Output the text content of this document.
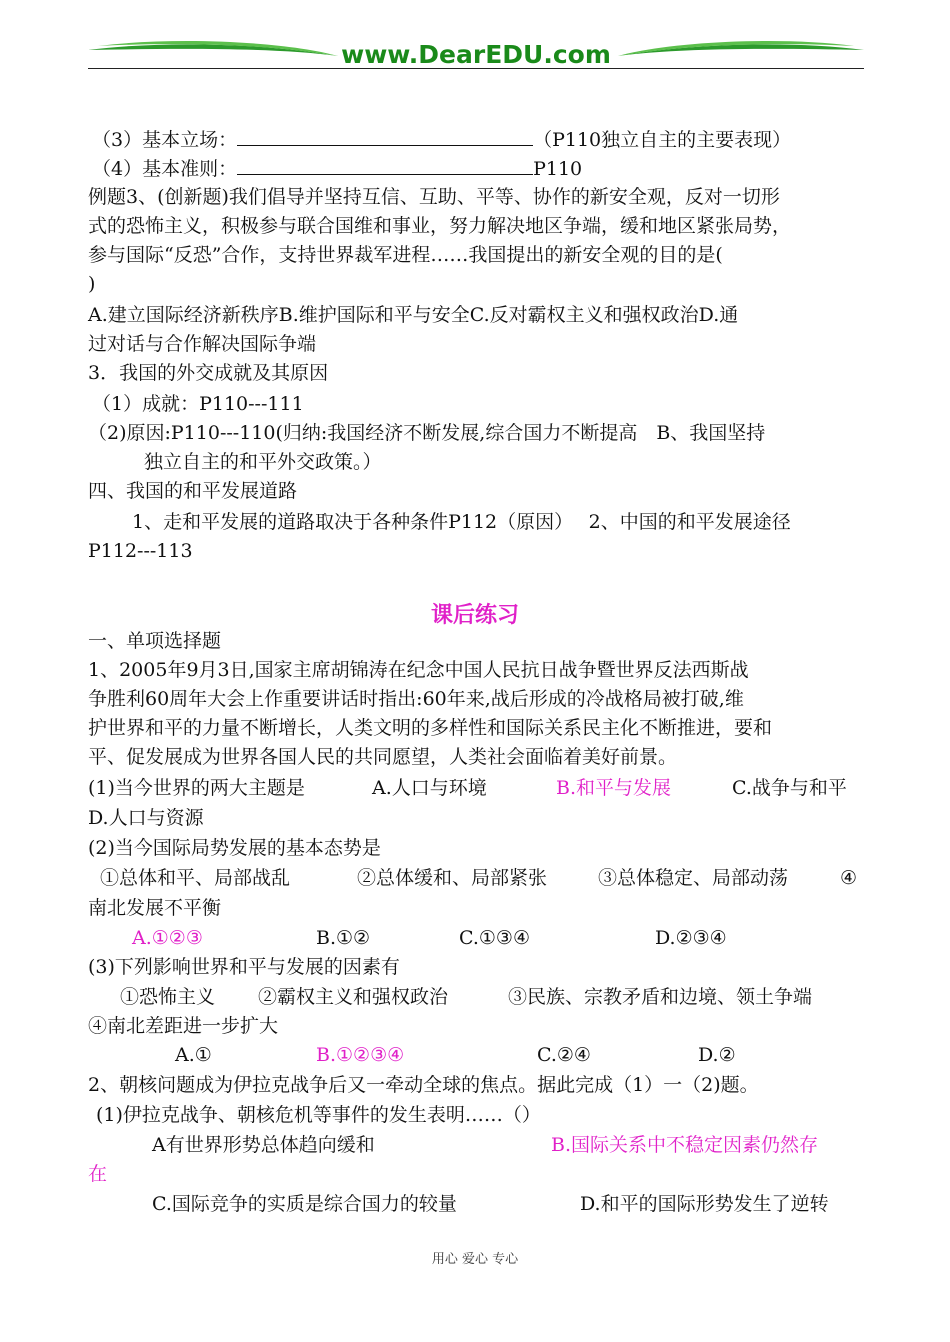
www.DearEDU.com
（3）基本立场：	（P110独立自主的主要表现）
（4）基本准则：	P110
例题3、(创新题)我们倡导并坚持互信、互助、平等、协作的新安全观，反对一切形
式的恐怖主义，积极参与联合国维和事业，努力解决地区争端，缓和地区紧张局势，
参与国际“反恐”合作，支持世界裁军进程……我国提出的新安全观的目的是(
)
A.建立国际经济新秩序B.维护国际和平与安全C.反对霸权主义和强权政治D.通
过对话与合作解决国际争端
3．我国的外交成就及其原因
（1）成就：P110---111
（2)原因:P110---110(归纳:我国经济不断发展,综合国力不断提高　B、我国坚持
独立自主的和平外交政策。）
四、我国的和平发展道路
1、走和平发展的道路取决于各种条件P112（原因）　 2、中国的和平发展途径
P112---113
课后练习
一、单项选择题
1、2005年9月3日,国家主席胡锦涛在纪念中国人民抗日战争暨世界反法西斯战
争胜利60周年大会上作重要讲话时指出:60年来,战后形成的冷战格局被打破,维
护世界和平的力量不断增长，人类文明的多样性和国际关系民主化不断推进，要和
平、促发展成为世界各国人民的共同愿望，人类社会面临着美好前景。
(1)当今世界的两大主题是	A.人口与环境	B.和平与发展	C.战争与和平
D.人口与资源
(2)当今国际局势发展的基本态势是
①总体和平、局部战乱	②总体缓和、局部紧张	③总体稳定、局部动荡	④
南北发展不平衡
A.①②③	B.①②	C.①③④	D.②③④
(3)下列影响世界和平与发展的因素有
①恐怖主义 ②霸权主义和强权政治	③民族、宗教矛盾和边境、领土争端
④南北差距进一步扩大
A.①	B.①②③④	C.②④	D.②
2、朝核问题成为伊拉克战争后又一牵动全球的焦点。据此完成（1）一（2)题。
(1)伊拉克战争、朝核危机等事件的发生表明……（）
A有世界形势总体趋向缓和	B.国际关系中不稳定因素仍然存
在
C.国际竞争的实质是综合国力的较量	D.和平的国际形势发生了逆转
用心 爱心 专心
